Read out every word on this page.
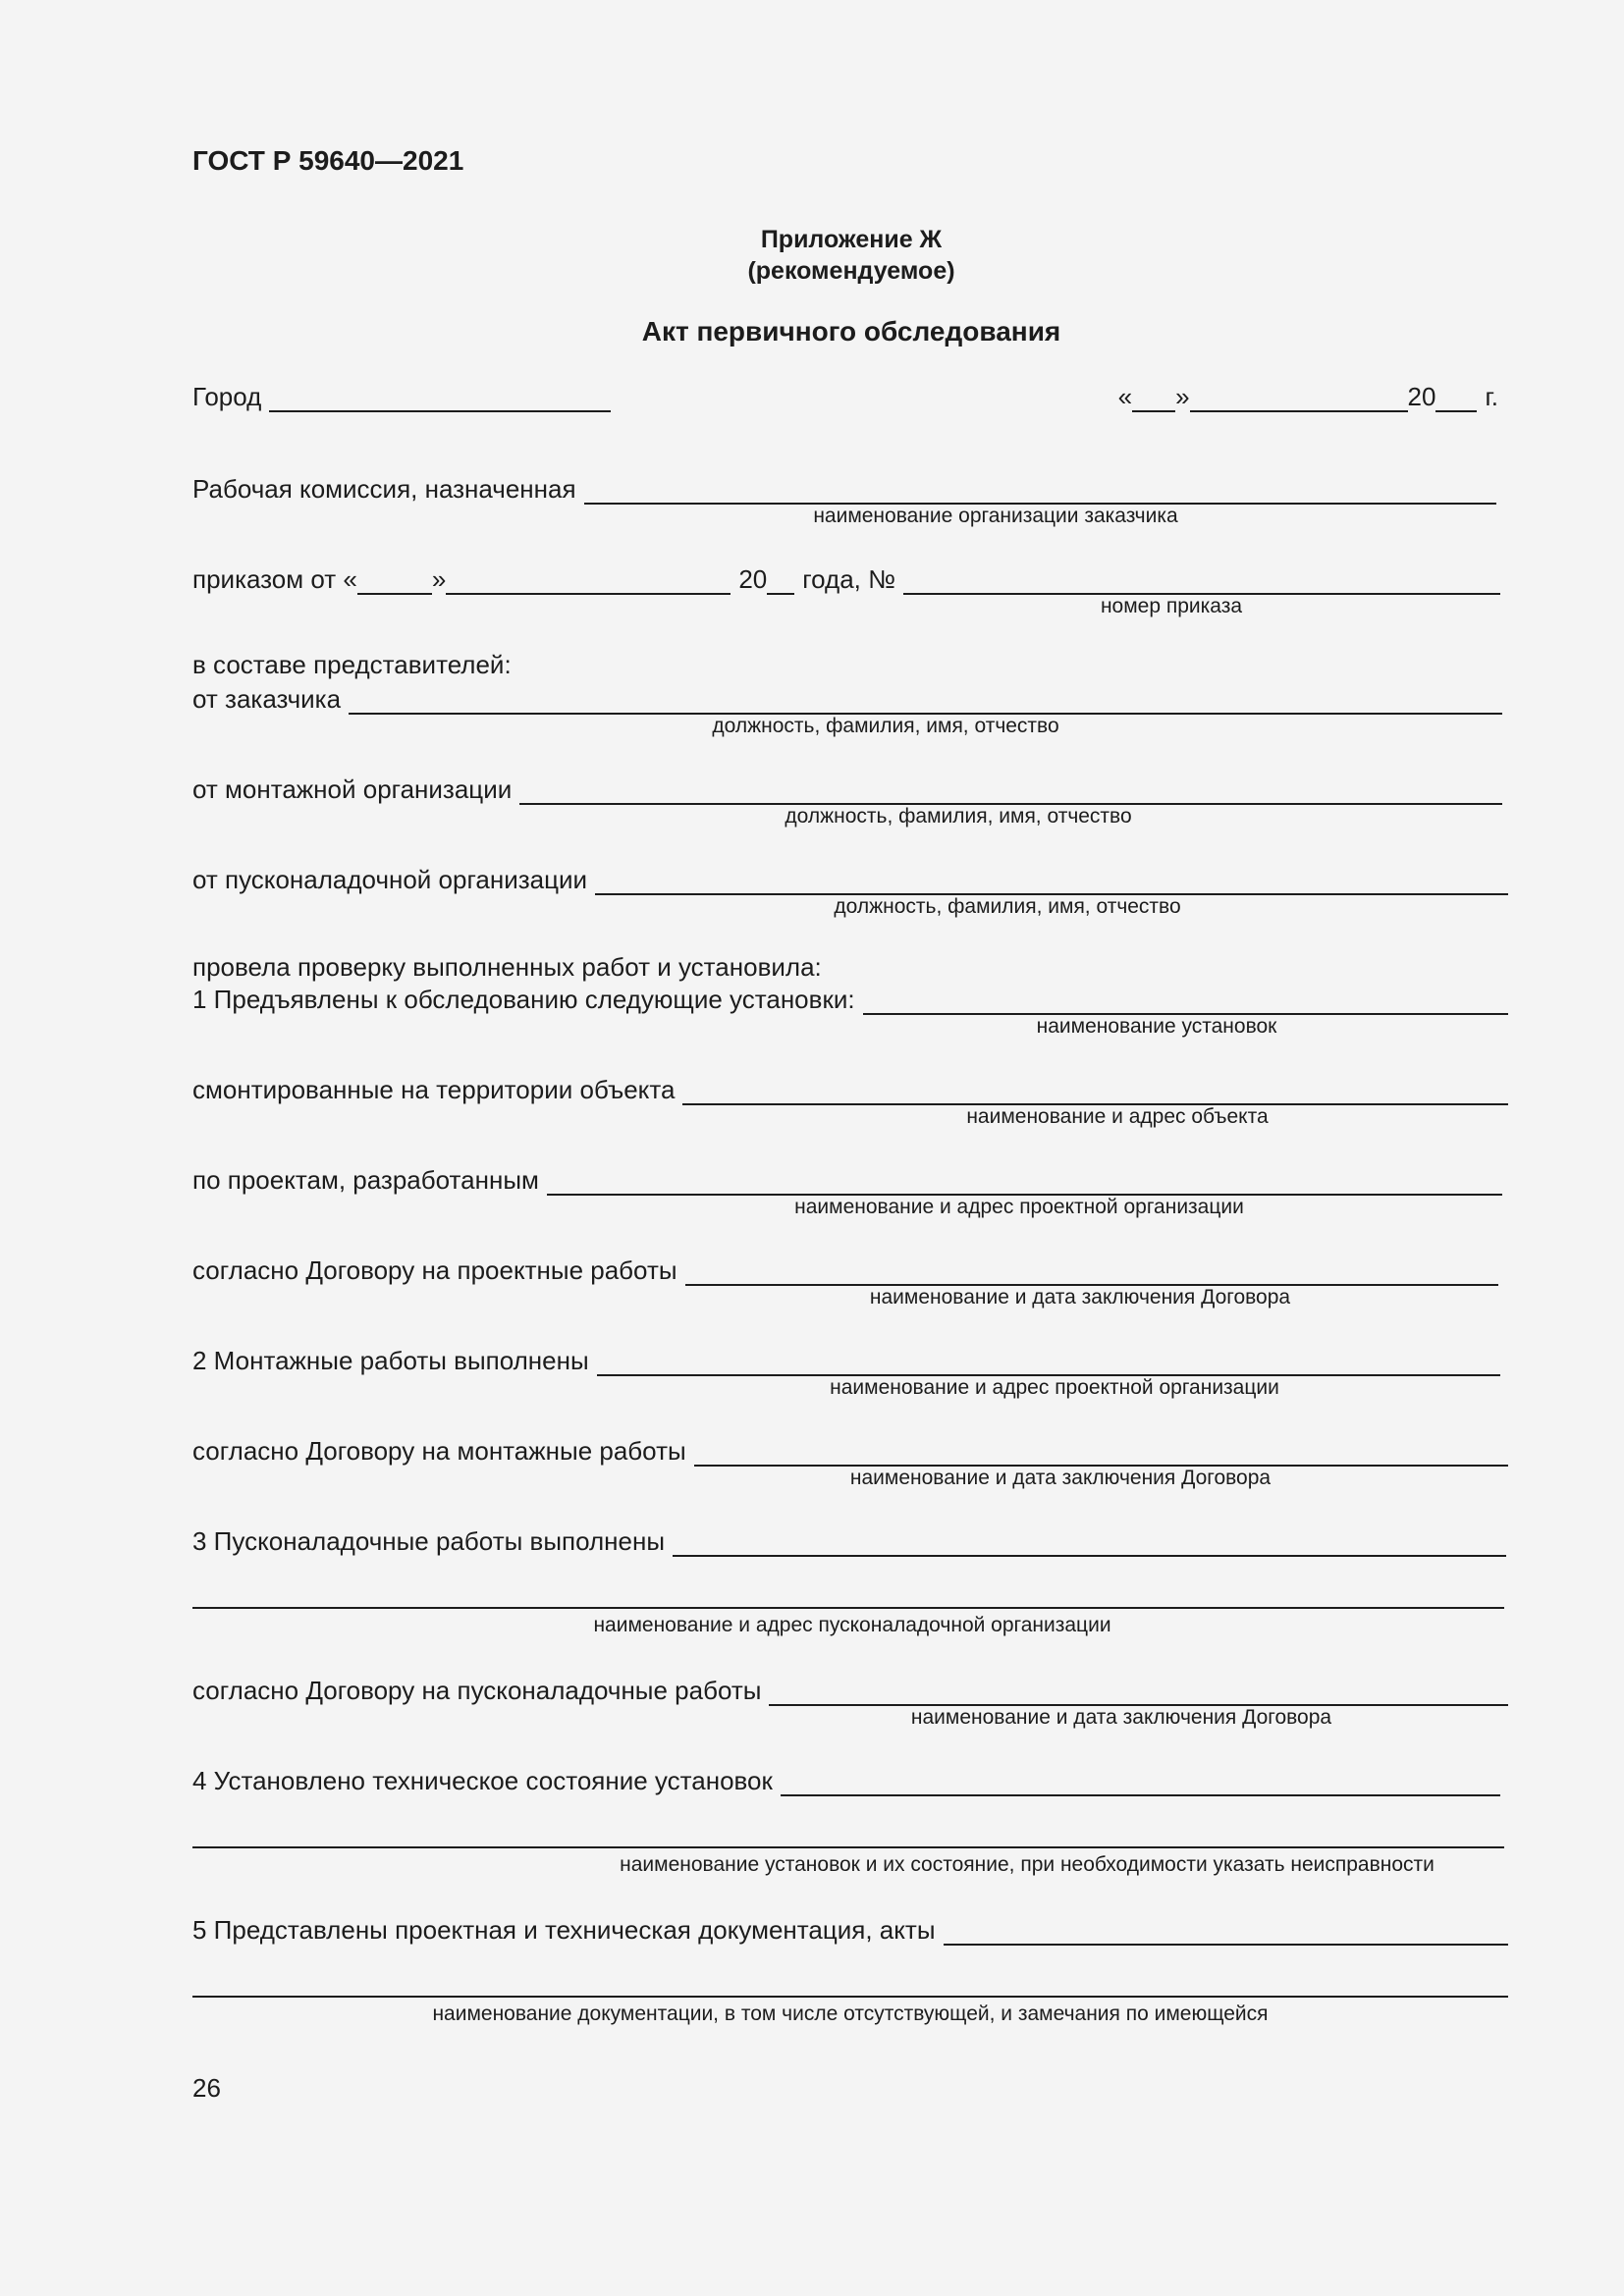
ГОСТ Р 59640—2021
Приложение Ж
(рекомендуемое)
Акт первичного обследования
Город	« »	20 г.
Рабочая комиссия, назначенная
наименование организации заказчика
приказом от «	»	20 года, №
номер приказа
в составе представителей:
от заказчика
должность, фамилия, имя, отчество
от монтажной организации
должность, фамилия, имя, отчество
от пусконаладочной организации
должность, фамилия, имя, отчество
провела проверку выполненных работ и установила:
1 Предъявлены к обследованию следующие установки:
наименование установок
смонтированные на территории объекта
наименование и адрес объекта
по проектам, разработанным
наименование и адрес проектной организации
согласно Договору на проектные работы
наименование и дата заключения Договора
2 Монтажные работы выполнены
наименование и адрес проектной организации
согласно Договору на монтажные работы
наименование и дата заключения Договора
3 Пусконаладочные работы выполнены
наименование и адрес пусконаладочной организации
согласно Договору на пусконаладочные работы
наименование и дата заключения Договора
4 Установлено техническое состояние установок
наименование установок и их состояние, при необходимости указать неисправности
5 Представлены проектная и техническая документация, акты
наименование документации, в том числе отсутствующей, и замечания по имеющейся
26
